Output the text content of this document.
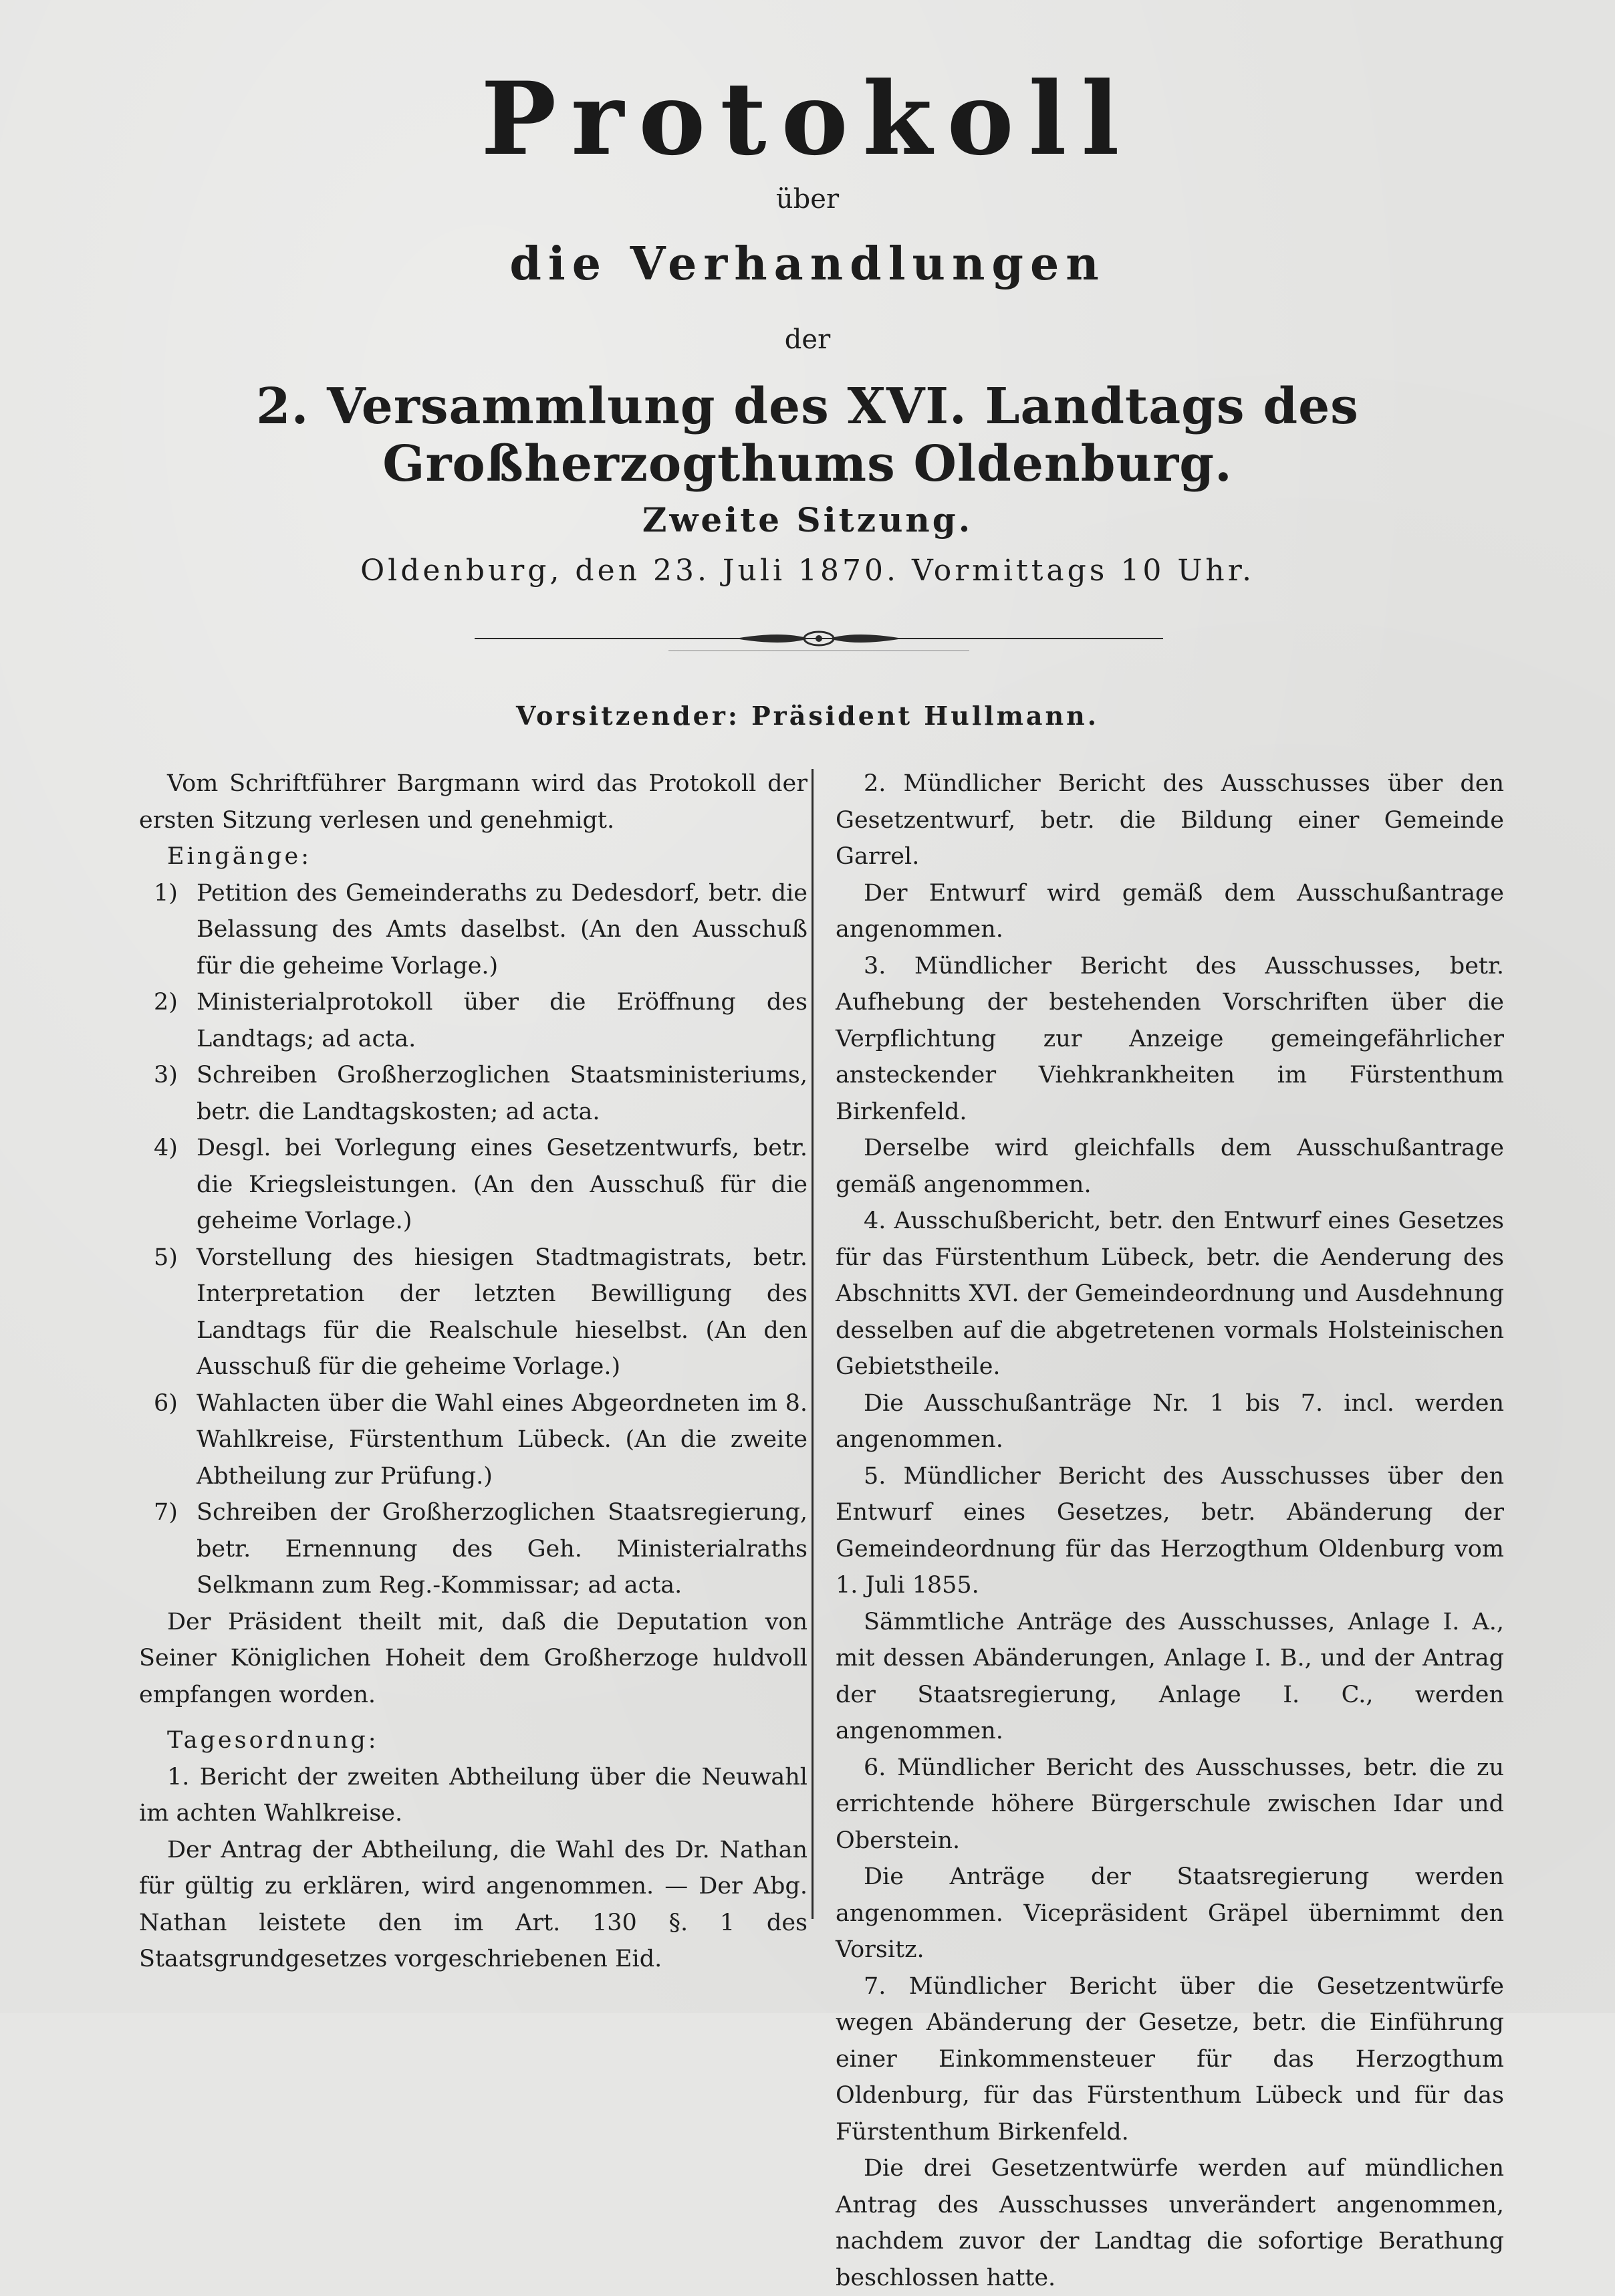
Protokoll
über
die Verhandlungen
der
2. Versammlung des XVI. Landtags des Großherzogthums Oldenburg.
Zweite Sitzung.
Oldenburg, den 23. Juli 1870. Vormittags 10 Uhr.
Vorsitzender: Präsident Hullmann.

Vom Schriftführer Bargmann wird das Protokoll der ersten Sitzung verlesen und genehmigt.

Eingänge:

1) Petition des Gemeinderaths zu Dedesdorf, betr. die Belassung des Amts daselbst. (An den Ausschuß für die geheime Vorlage.)

2) Ministerialprotokoll über die Eröffnung des Landtags; ad acta.

3) Schreiben Großherzoglichen Staatsministeriums, betr. die Landtagskosten; ad acta.

4) Desgl. bei Vorlegung eines Gesetzentwurfs, betr. die Kriegsleistungen. (An den Ausschuß für die geheime Vorlage.)

5) Vorstellung des hiesigen Stadtmagistrats, betr. Interpretation der letzten Bewilligung des Landtags für die Realschule hieselbst. (An den Ausschuß für die geheime Vorlage.)

6) Wahlacten über die Wahl eines Abgeordneten im 8. Wahlkreise, Fürstenthum Lübeck. (An die zweite Abtheilung zur Prüfung.)

7) Schreiben der Großherzoglichen Staatsregierung, betr. Ernennung des Geh. Ministerialraths Selkmann zum Reg.-Kommissar; ad acta.

Der Präsident theilt mit, daß die Deputation von Seiner Königlichen Hoheit dem Großherzoge huldvoll empfangen worden.

Tagesordnung:

1. Bericht der zweiten Abtheilung über die Neuwahl im achten Wahlkreise.

Der Antrag der Abtheilung, die Wahl des Dr. Nathan für gültig zu erklären, wird angenommen. — Der Abg. Nathan leistete den im Art. 130 §. 1 des Staatsgrundgesetzes vorgeschriebenen Eid.

2. Mündlicher Bericht des Ausschusses über den Gesetzentwurf, betr. die Bildung einer Gemeinde Garrel.

Der Entwurf wird gemäß dem Ausschußantrage angenommen.

3. Mündlicher Bericht des Ausschusses, betr. Aufhebung der bestehenden Vorschriften über die Verpflichtung zur Anzeige gemeingefährlicher ansteckender Viehkrankheiten im Fürstenthum Birkenfeld.

Derselbe wird gleichfalls dem Ausschußantrage gemäß angenommen.

4. Ausschußbericht, betr. den Entwurf eines Gesetzes für das Fürstenthum Lübeck, betr. die Aenderung des Abschnitts XVI. der Gemeindeordnung und Ausdehnung desselben auf die abgetretenen vormals Holsteinischen Gebietstheile.

Die Ausschußanträge Nr. 1 bis 7. incl. werden angenommen.

5. Mündlicher Bericht des Ausschusses über den Entwurf eines Gesetzes, betr. Abänderung der Gemeindeordnung für das Herzogthum Oldenburg vom 1. Juli 1855.

Sämmtliche Anträge des Ausschusses, Anlage I. A., mit dessen Abänderungen, Anlage I. B., und der Antrag der Staatsregierung, Anlage I. C., werden angenommen.

6. Mündlicher Bericht des Ausschusses, betr. die zu errichtende höhere Bürgerschule zwischen Idar und Oberstein.

Die Anträge der Staatsregierung werden angenommen. Vicepräsident Gräpel übernimmt den Vorsitz.

7. Mündlicher Bericht über die Gesetzentwürfe wegen Abänderung der Gesetze, betr. die Einführung einer Einkommensteuer für das Herzogthum Oldenburg, für das Fürstenthum Lübeck und für das Fürstenthum Birkenfeld.

Die drei Gesetzentwürfe werden auf mündlichen Antrag des Ausschusses unverändert angenommen, nachdem zuvor der Landtag die sofortige Berathung beschlossen hatte.
